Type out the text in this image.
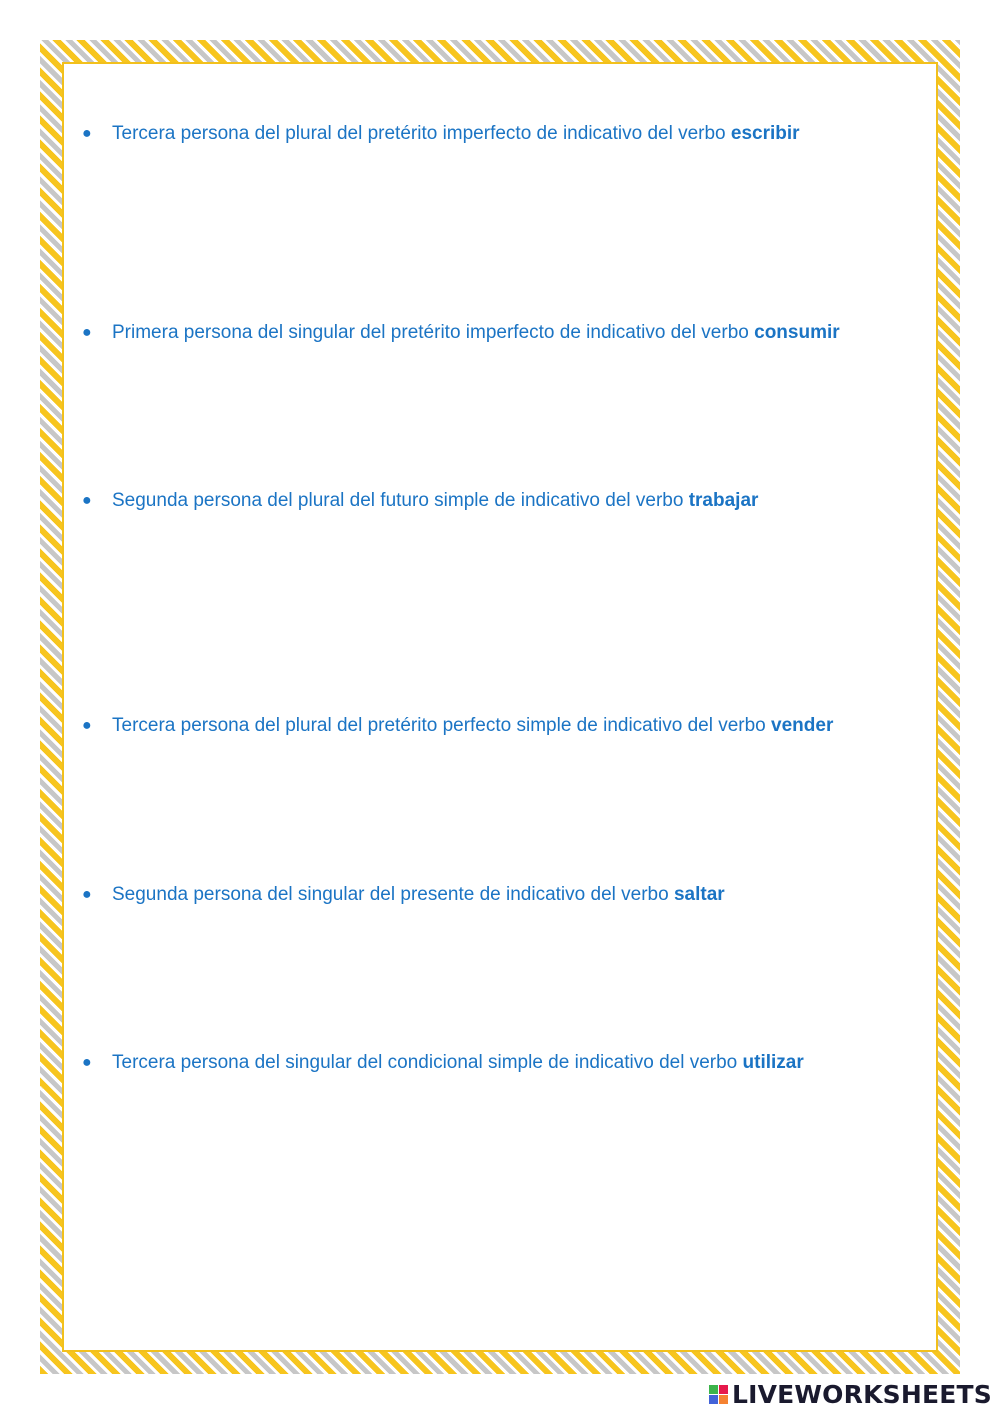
● Tercera persona del plural del pretérito imperfecto de indicativo del verbo escribir
● Primera persona del singular del pretérito imperfecto de indicativo del verbo consumir
● Segunda persona del plural del futuro simple de indicativo del verbo trabajar
● Tercera persona del plural del pretérito perfecto simple de indicativo del verbo vender
● Segunda persona del singular del presente de indicativo del verbo saltar
● Tercera persona del singular del condicional simple de indicativo del verbo utilizar
LIVEWORKSHEETS
